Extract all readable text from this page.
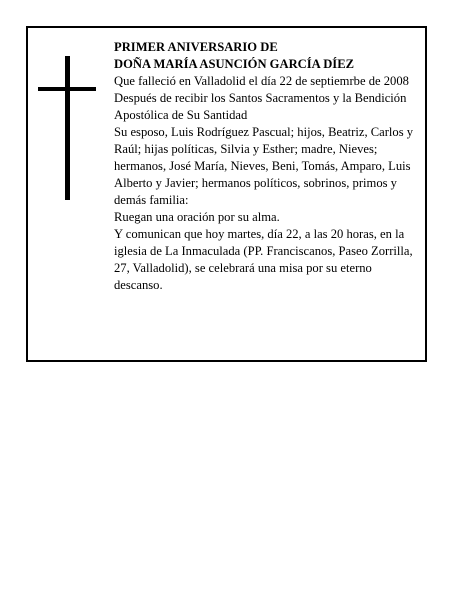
PRIMER ANIVERSARIO DE

DOÑA MARÍA ASUNCIÓN GARCÍA DÍEZ

Que falleció en Valladolid el día 22 de septiemrbe de 2008

Después de recibir los Santos Sacramentos y la Bendición Apostólica de Su Santidad

Su esposo, Luis Rodríguez Pascual; hijos, Beatriz, Carlos y Raúl; hijas políticas, Silvia y Esther; madre, Nieves; hermanos, José María, Nieves, Beni, Tomás, Amparo, Luis Alberto y Javier; hermanos políticos, sobrinos, primos y demás familia:

Ruegan una oración por su alma.

Y comunican que hoy martes, día 22, a las 20 horas, en la iglesia de La Inmaculada (PP. Franciscanos, Paseo Zorrilla, 27, Valladolid), se celebrará una misa por su eterno descanso.
